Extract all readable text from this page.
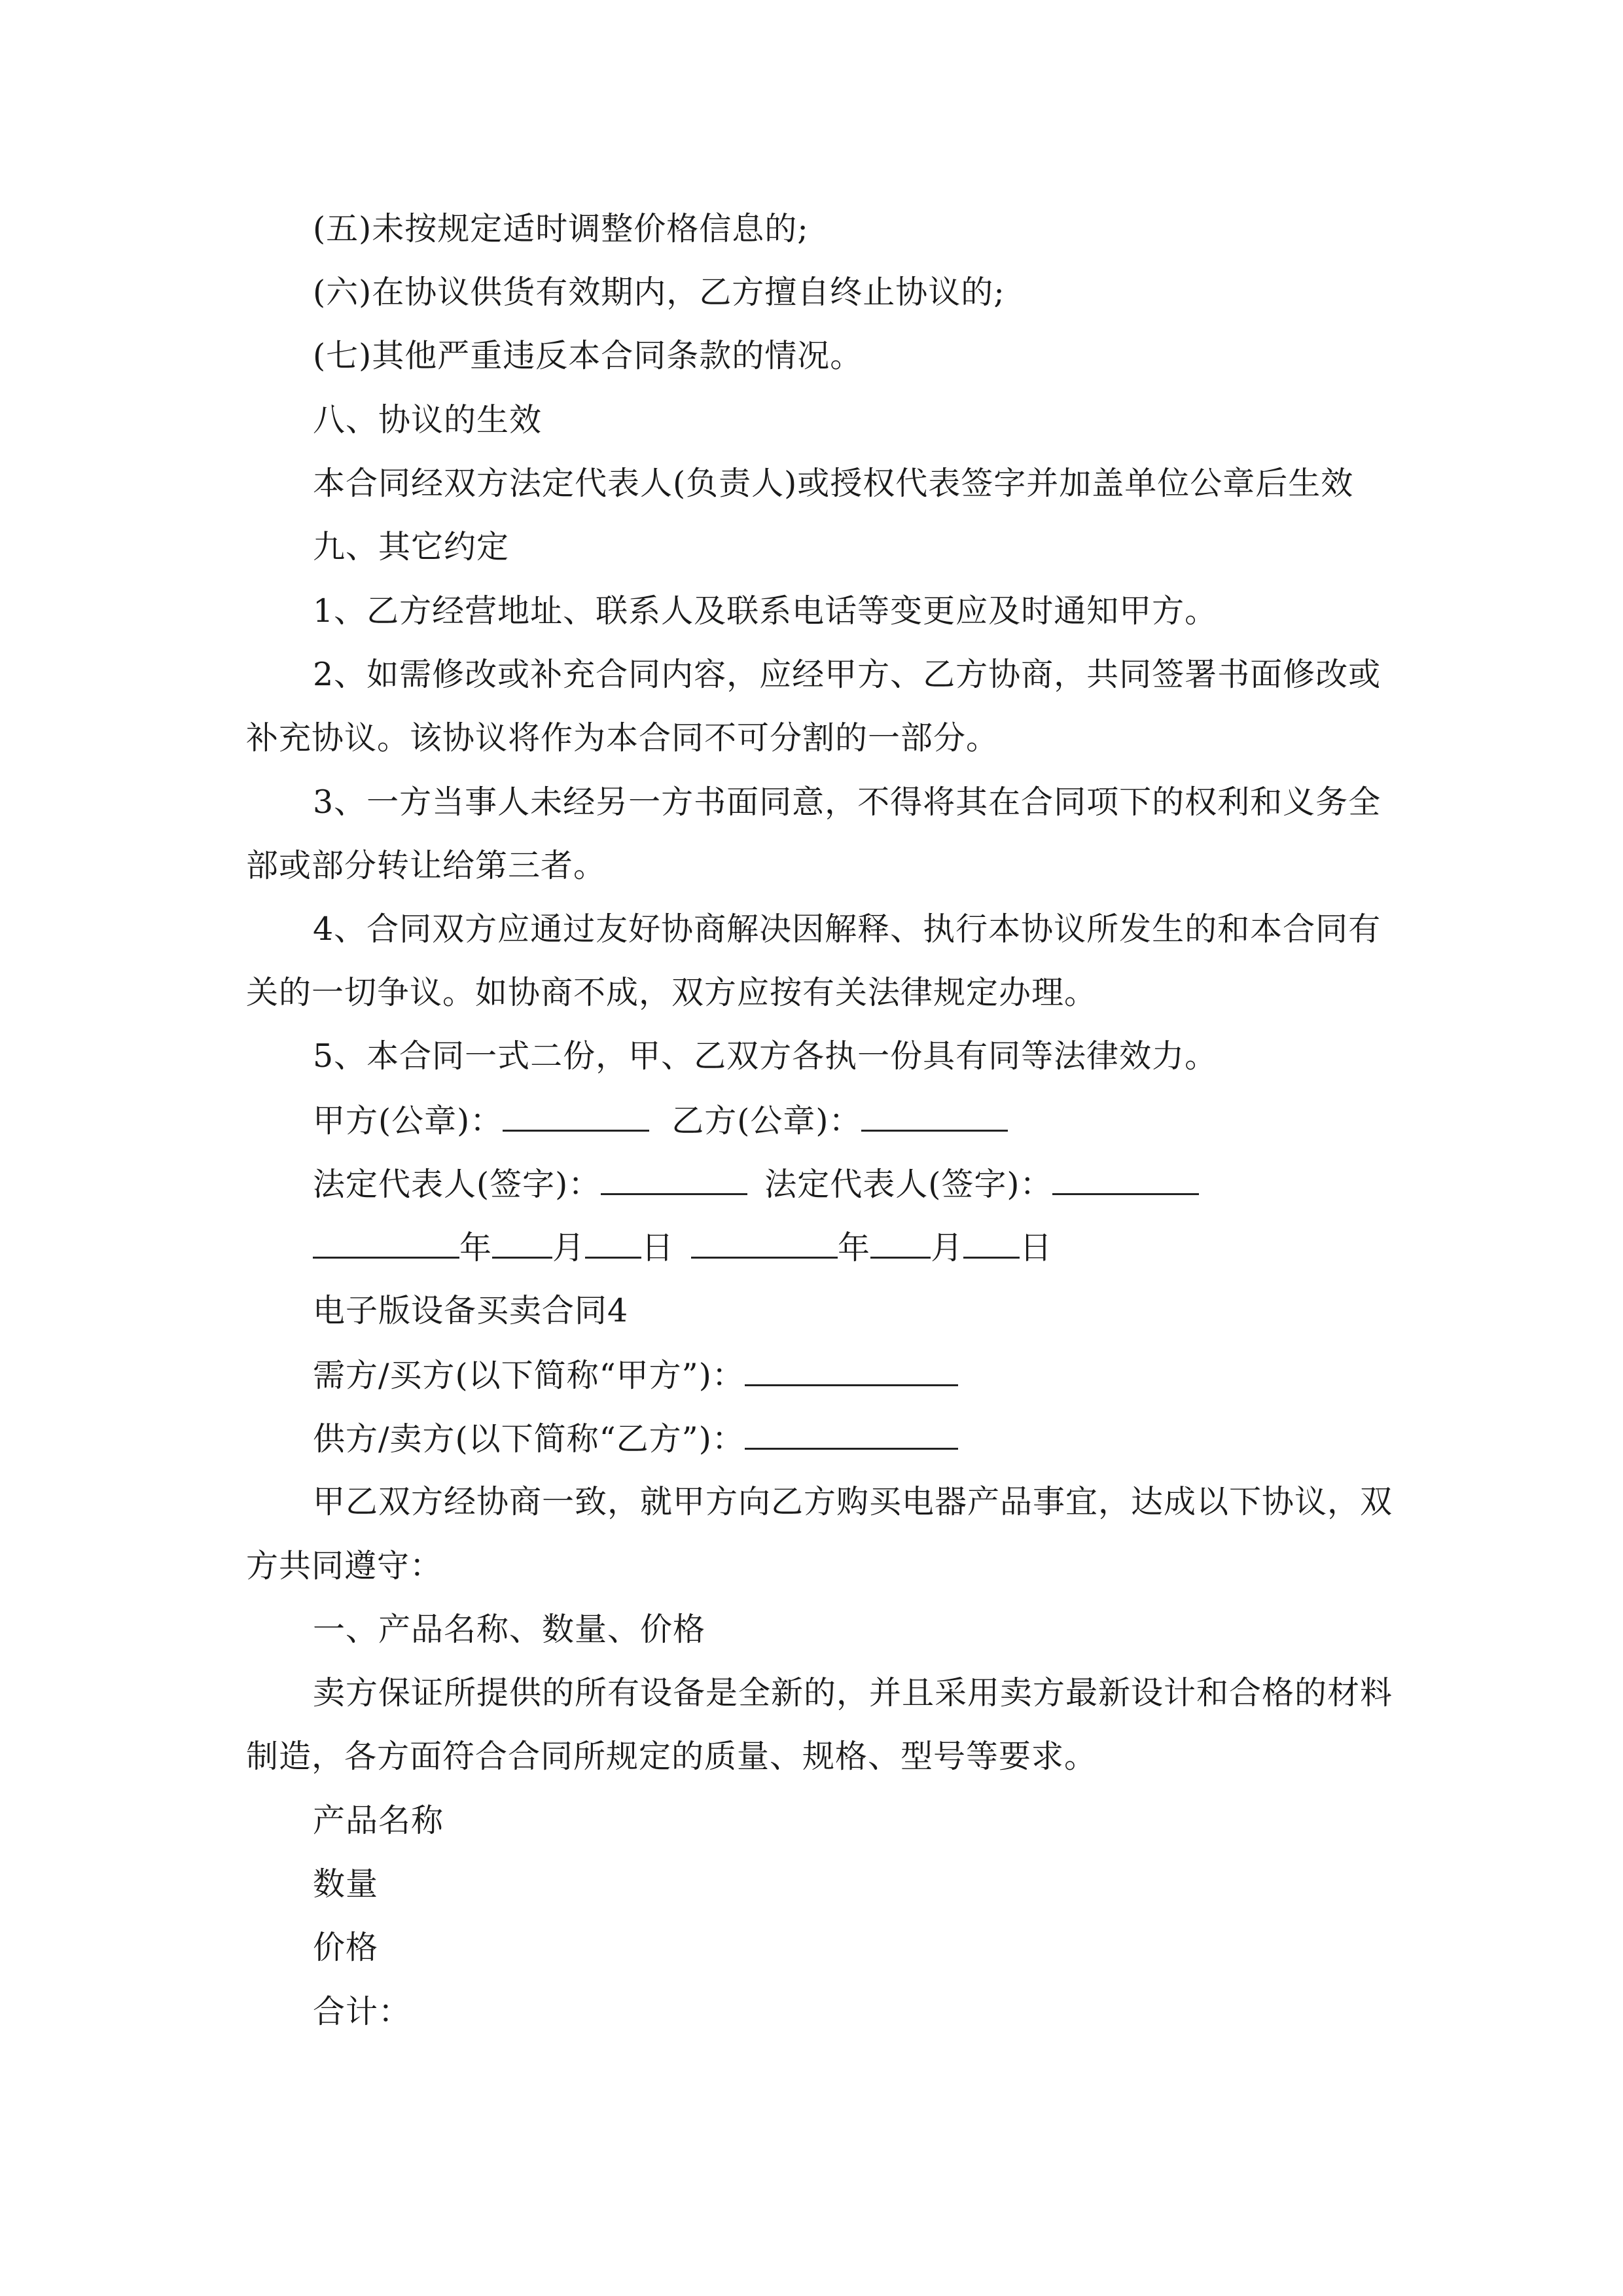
(五)未按规定适时调整价格信息的;
(六)在协议供货有效期内，乙方擅自终止协议的;
(七)其他严重违反本合同条款的情况。
八、协议的生效
本合同经双方法定代表人(负责人)或授权代表签字并加盖单位公章后生效
九、其它约定
1、乙方经营地址、联系人及联系电话等变更应及时通知甲方。
2、如需修改或补充合同内容，应经甲方、乙方协商，共同签署书面修改或
补充协议。该协议将作为本合同不可分割的一部分。
3、一方当事人未经另一方书面同意，不得将其在合同项下的权利和义务全
部或部分转让给第三者。
4、合同双方应通过友好协商解决因解释、执行本协议所发生的和本合同有
关的一切争议。如协商不成，双方应按有关法律规定办理。
5、本合同一式二份，甲、乙双方各执一份具有同等法律效力。
甲方(公章)：	乙方(公章)：
法定代表人(签字)：	法定代表人(签字)：
年 月 日	年 月 日
电子版设备买卖合同4
需方/买方(以下简称“甲方”)：
供方/卖方(以下简称“乙方”)：
甲乙双方经协商一致，就甲方向乙方购买电器产品事宜，达成以下协议，双
方共同遵守：
一、产品名称、数量、价格
卖方保证所提供的所有设备是全新的，并且采用卖方最新设计和合格的材料
制造，各方面符合合同所规定的质量、规格、型号等要求。
产品名称
数量
价格
合计：
